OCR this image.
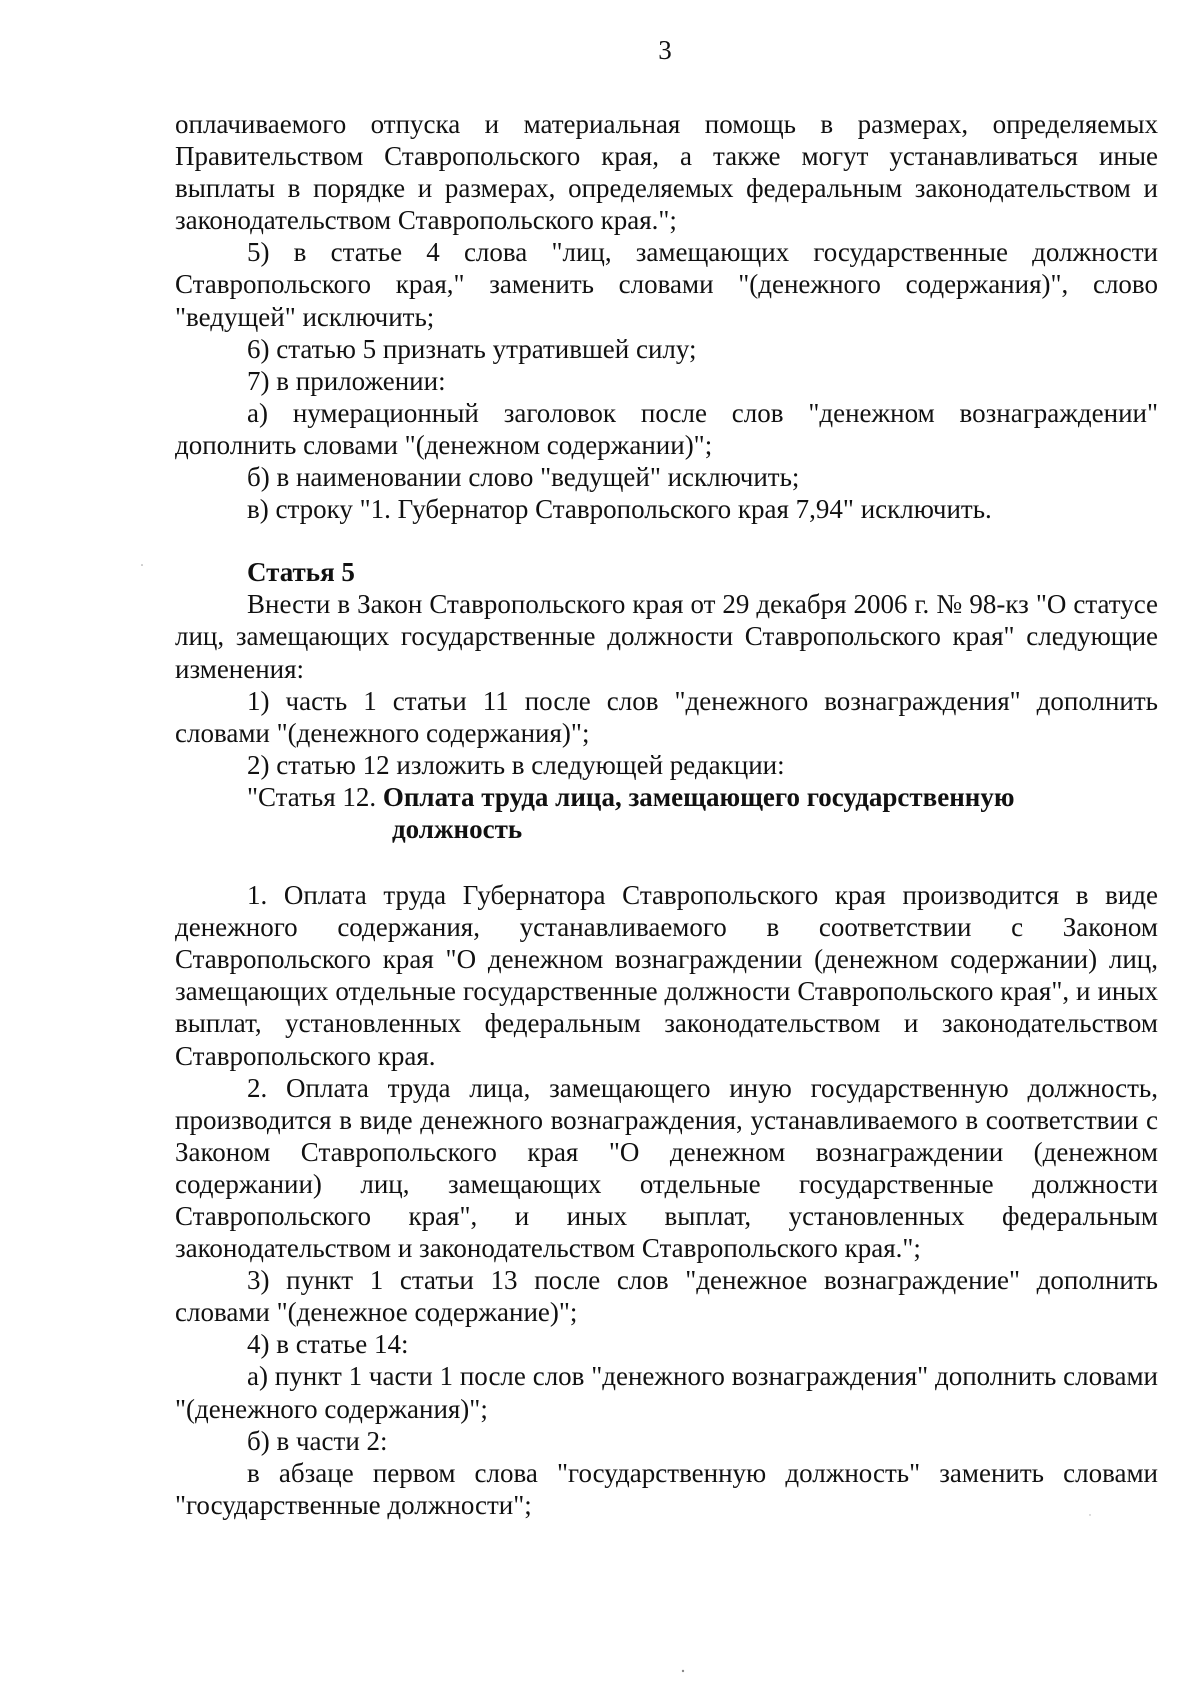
3

оплачиваемого отпуска и материальная помощь в размерах, определяемых Правительством Ставропольского края, а также могут устанавливаться иные выплаты в порядке и размерах, определяемых федеральным законодательством и законодательством Ставропольского края.";

5) в статье 4 слова "лиц, замещающих государственные должности Ставропольского края," заменить словами "(денежного содержания)", слово "ведущей" исключить;

6) статью 5 признать утратившей силу;

7) в приложении:

а) нумерационный заголовок после слов "денежном вознаграждении" дополнить словами "(денежном содержании)";

б) в наименовании слово "ведущей" исключить;

в) строку "1. Губернатор Ставропольского края 7,94" исключить.

Статья 5

Внести в Закон Ставропольского края от 29 декабря 2006 г. № 98-кз "О статусе лиц, замещающих государственные должности Ставропольского края" следующие изменения:

1) часть 1 статьи 11 после слов "денежного вознаграждения" дополнить словами "(денежного содержания)";

2) статью 12 изложить в следующей редакции:

"Статья 12. Оплата труда лица, замещающего государственную
должность

1. Оплата труда Губернатора Ставропольского края производится в виде денежного содержания, устанавливаемого в соответствии с Законом Ставропольского края "О денежном вознаграждении (денежном содержании) лиц, замещающих отдельные государственные должности Ставропольского края", и иных выплат, установленных федеральным законодательством и законодательством Ставропольского края.

2. Оплата труда лица, замещающего иную государственную должность, производится в виде денежного вознаграждения, устанавливаемого в соответствии с Законом Ставропольского края "О денежном вознаграждении (денежном содержании) лиц, замещающих отдельные государственные должности Ставропольского края", и иных выплат, установленных федеральным законодательством и законодательством Ставропольского края.";

3) пункт 1 статьи 13 после слов "денежное вознаграждение" дополнить словами "(денежное содержание)";

4) в статье 14:

а) пункт 1 части 1 после слов "денежного вознаграждения" дополнить словами "(денежного содержания)";

б) в части 2:

в абзаце первом слова "государственную должность" заменить словами "государственные должности";
